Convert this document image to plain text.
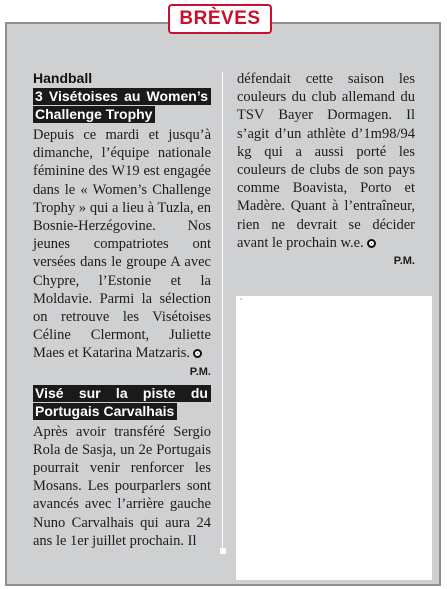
BRÈVES
Handball
3 Visétoises au Women’s Challenge Trophy

Depuis ce mardi et jusqu’à dimanche, l’équipe nationale féminine des W19 est engagée dans le « Women’s Challenge Trophy » qui a lieu à Tuzla, en Bosnie-Herzégovine. Nos jeunes compatriotes ont versées dans le groupe A avec Chypre, l’Estonie et la Moldavie. Parmi la sélection on retrouve les Visétoises Céline Clermont, Juliette Maes et Katarina Matzaris.

P.M.
Visé sur la piste du Portugais Carvalhais

Après avoir transféré Sergio Rola de Sasja, un 2e Portugais pourrait venir renforcer les Mosans. Les pourparlers sont avancés avec l’arrière gauche Nuno Carvalhais qui aura 24 ans le 1er juillet prochain. Il

défendait cette saison les couleurs du club allemand du TSV Bayer Dormagen. Il s’agit d’un athlète d’1m98/94 kg qui a aussi porté les couleurs de clubs de son pays comme Boavista, Porto et Madère. Quant à l’entraîneur, rien ne devrait se décider avant le prochain w.e.

P.M.
